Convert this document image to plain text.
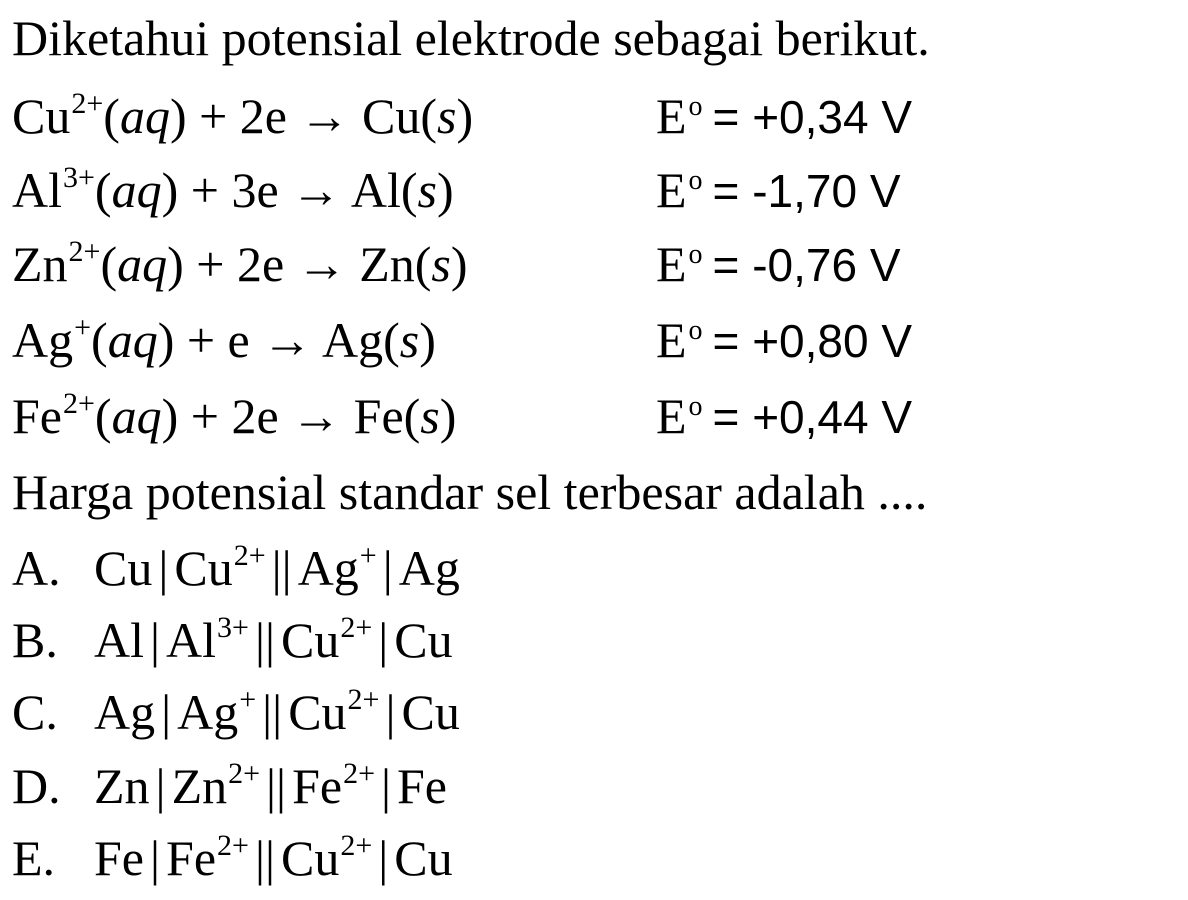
Diketahui potensial elektrode sebagai berikut.
$Cu^{2+}(aq) + 2e \to Cu(s)$	$E^o = +0,34$ V
$Al^{3+}(aq) + 3e \to Al(s)$	$E^o = -1,70$ V
$Zn^{2+}(aq) + 2e \to Zn(s)$	$E^o = -0,76$ V
Ag+(aq) + e → Ag(s)	$E^o = +0,80$ V
$Fe^{2+}(aq) + 2e \to Fe(s)$	$E^o = +0,44$ V
Harga potensial standar sel terbesar adalah ....
A. Cu | $Cu^{2+}$ || Ag+ | Ag
B. Al | $Al^{3+}$ || $Cu^{2+}$ | Cu
C. Ag | Ag+ || $Cu^{2+}$ | Cu
D. Zn | $Zn^{2+}$ || $Fe^{2+}$ | Fe
E. Fe | $Fe^{2+}$ || $Cu^{2+}$ | Cu
